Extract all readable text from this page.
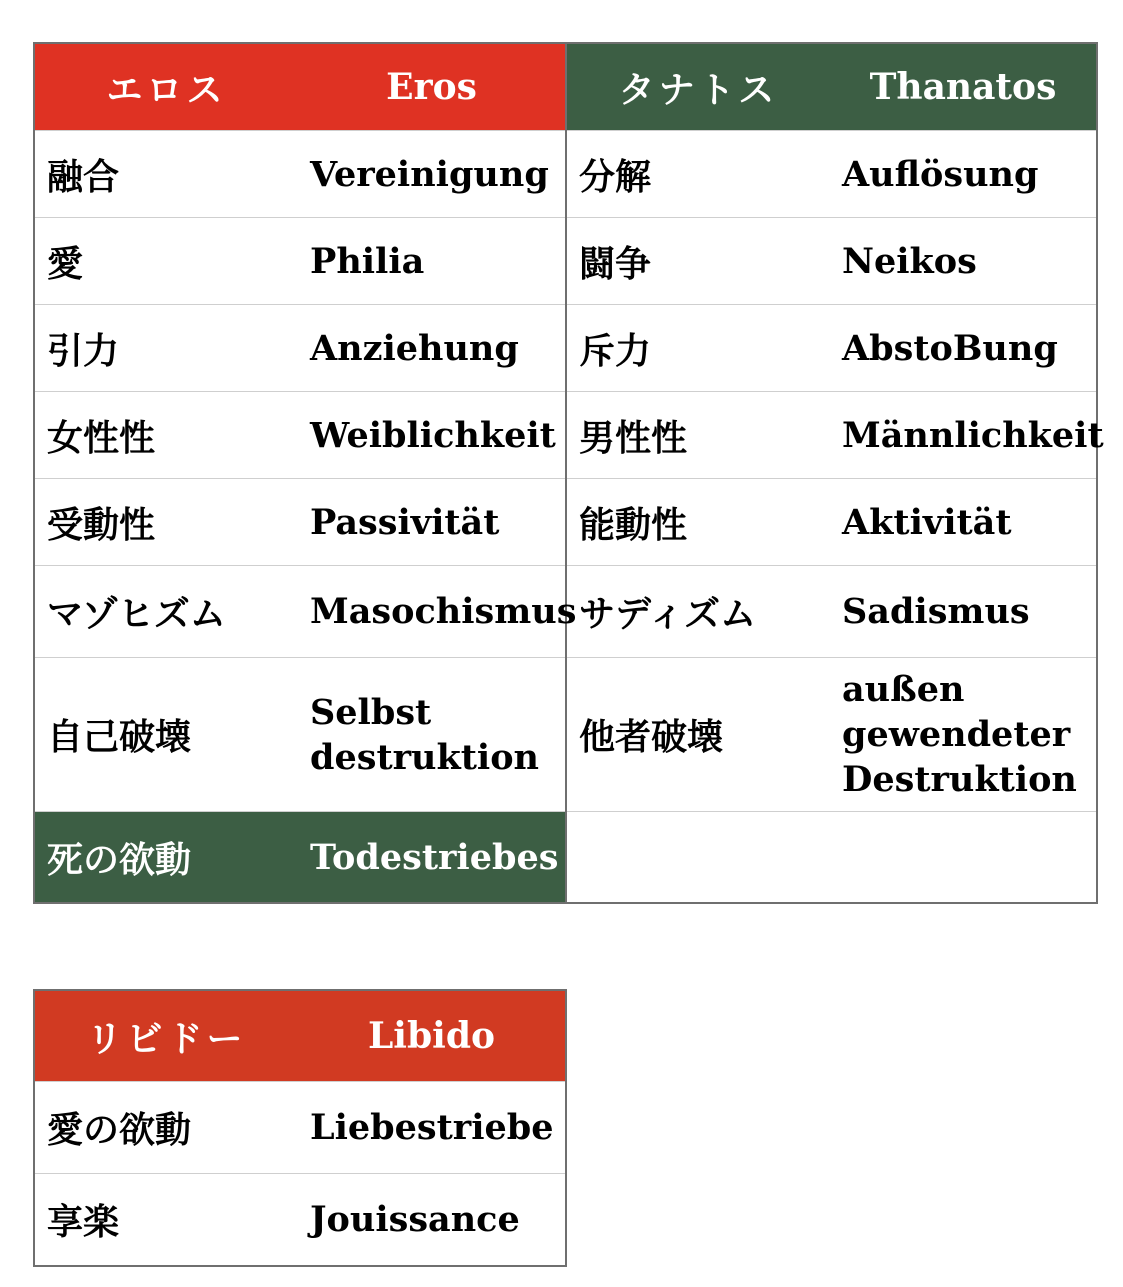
エロス	Eros	タナトス	Thanatos
融合	Vereinigung	分解	Auflösung
愛	Philia	闘争	Neikos
引力	Anziehung	斥力	AbstoBung
女性性	Weiblichkeit	男性性	Männlichkeit
受動性	Passivität	能動性	Aktivität
マゾヒズム	Masochismus	サディズム	Sadismus
自己破壊	Selbst destruktion	他者破壊	außen gewendeter Destruktion
死の欲動	Todestriebes		
リビドー	Libido
愛の欲動	Liebestriebe
享楽	Jouissance
